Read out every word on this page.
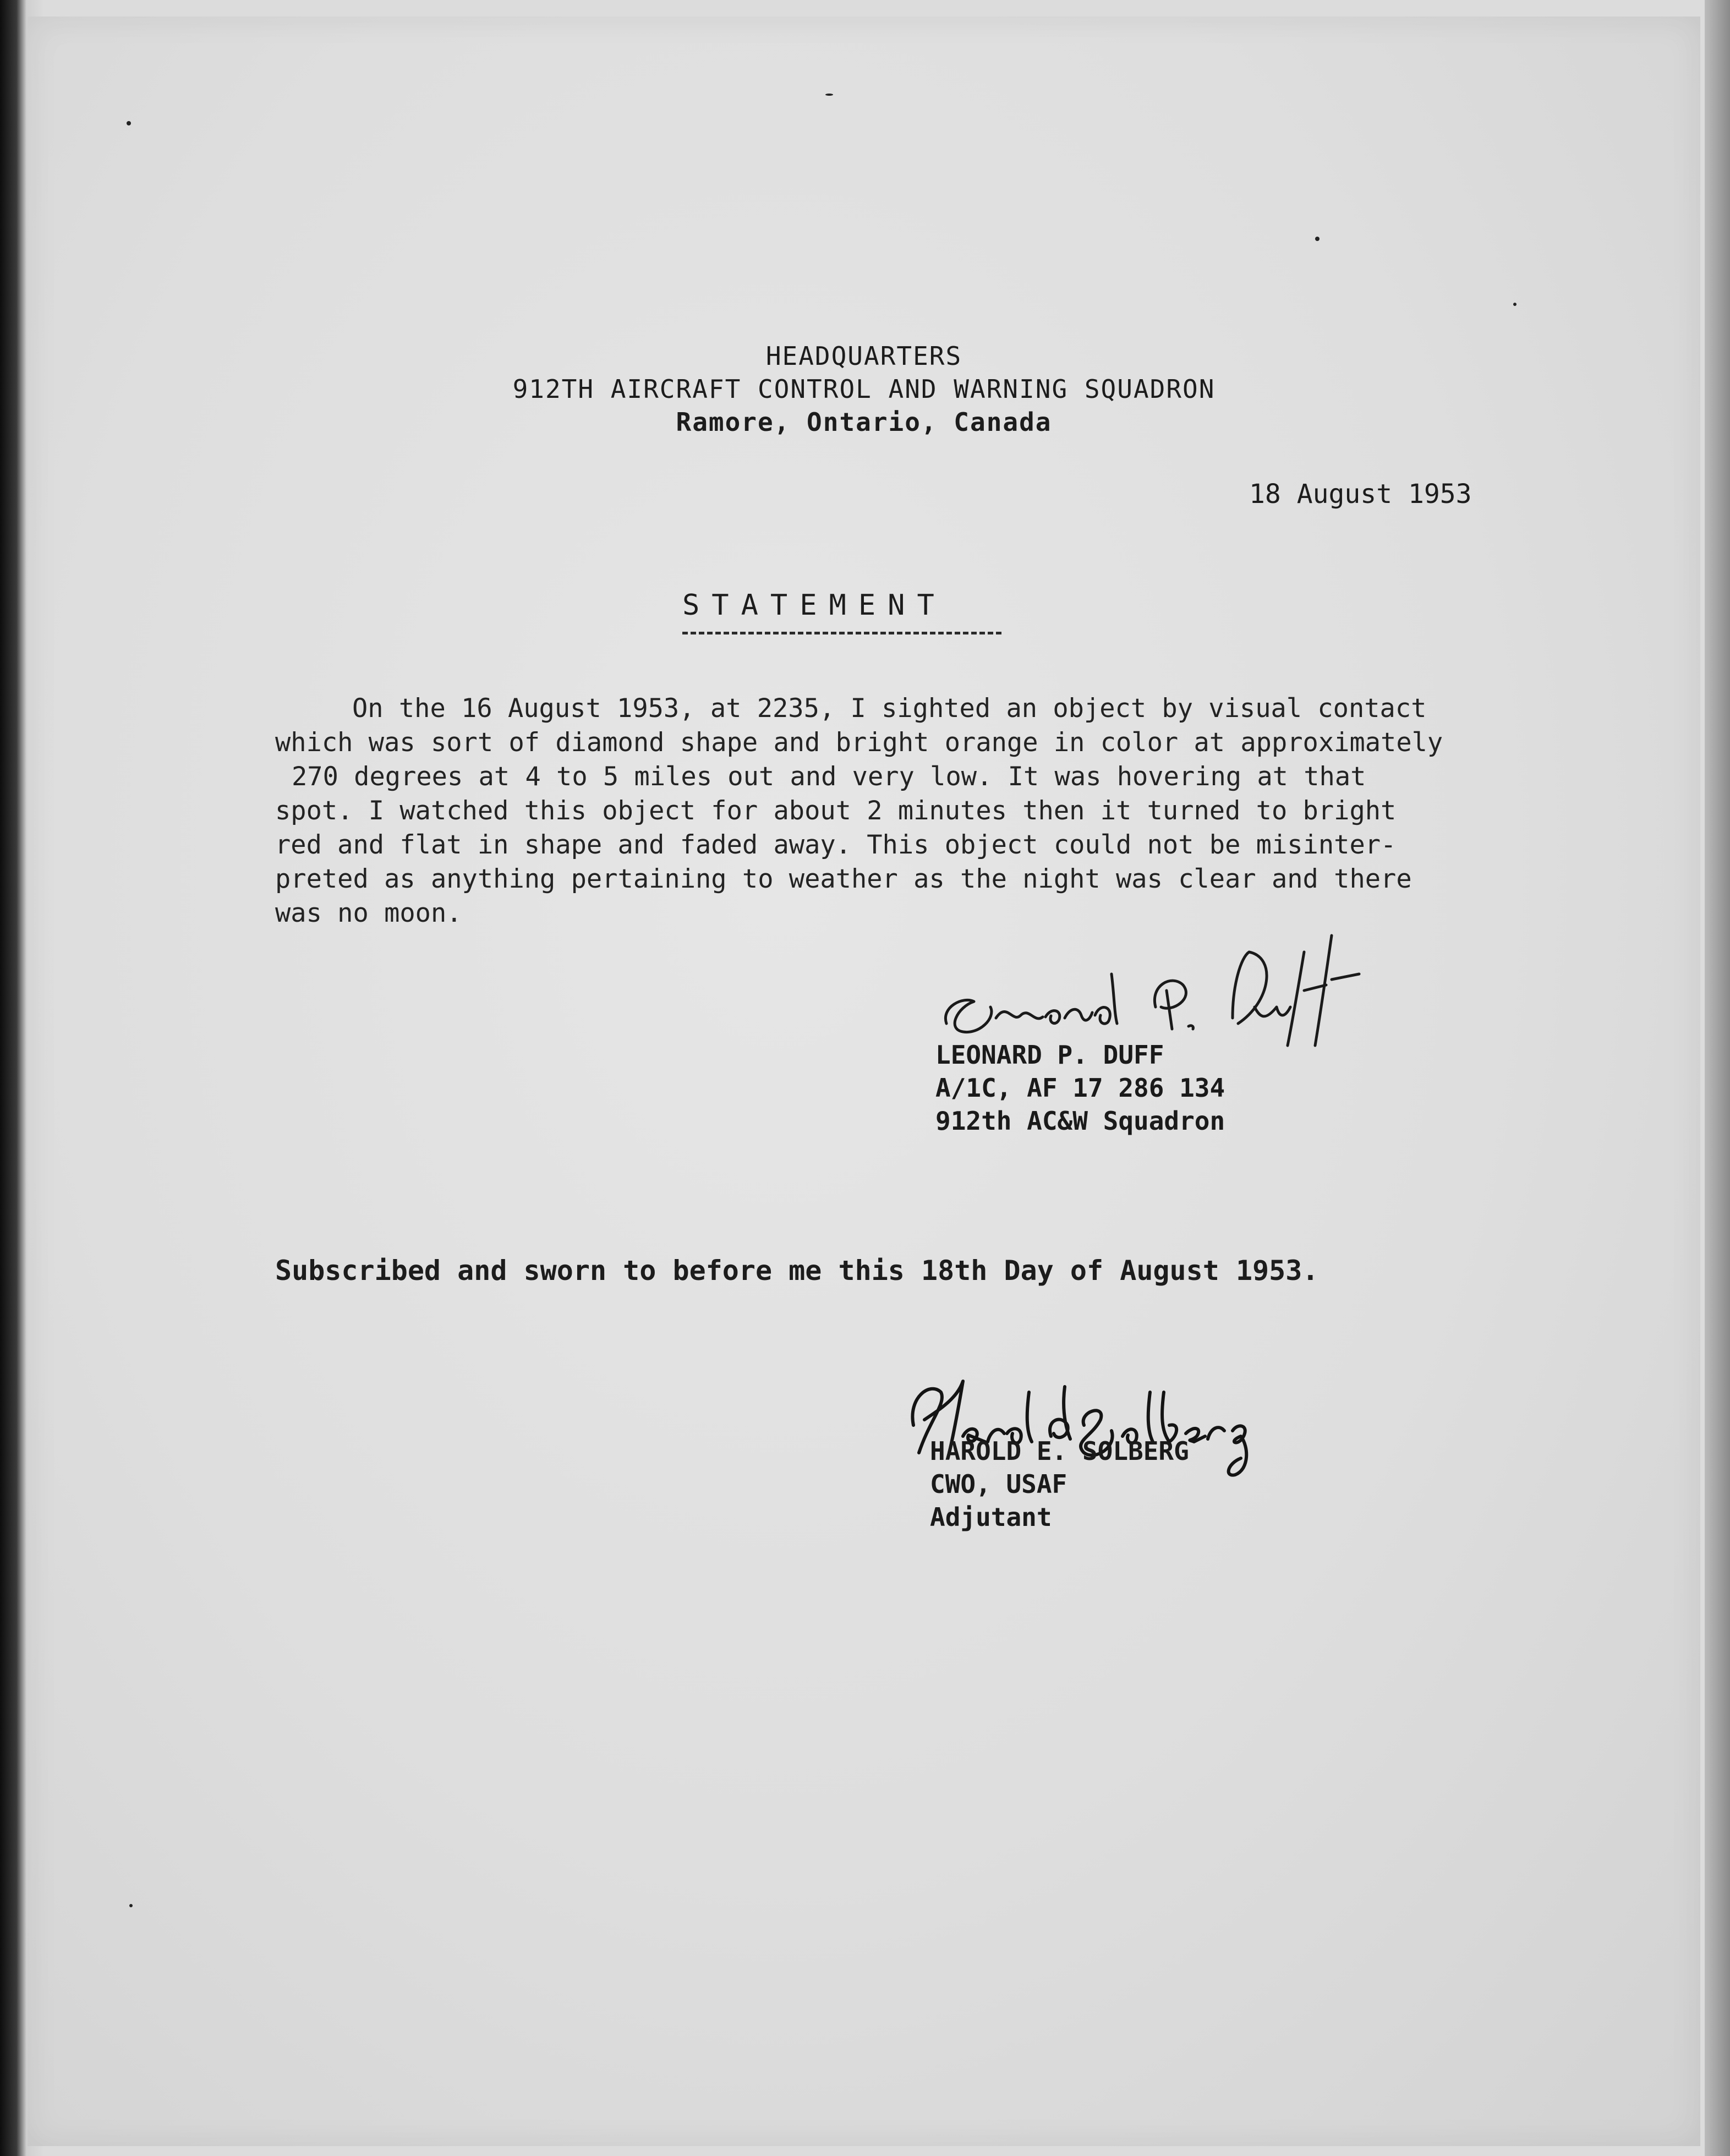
HEADQUARTERS
912TH AIRCRAFT CONTROL AND WARNING SQUADRON
Ramore, Ontario, Canada
18 August 1953
STATEMENT
On the 16 August 1953, at 2235, I sighted an object by visual contact
which was sort of diamond shape and bright orange in color at approximately
270 degrees at 4 to 5 miles out and very low. It was hovering at that
spot. I watched this object for about 2 minutes then it turned to bright
red and flat in shape and faded away. This object could not be misinter-
preted as anything pertaining to weather as the night was clear and there
was no moon.
LEONARD P. DUFF
A/1C, AF 17 286 134
912th AC&W Squadron
Subscribed and sworn to before me this 18th Day of August 1953.
HAROLD E. SOLBERG
CWO, USAF
Adjutant
